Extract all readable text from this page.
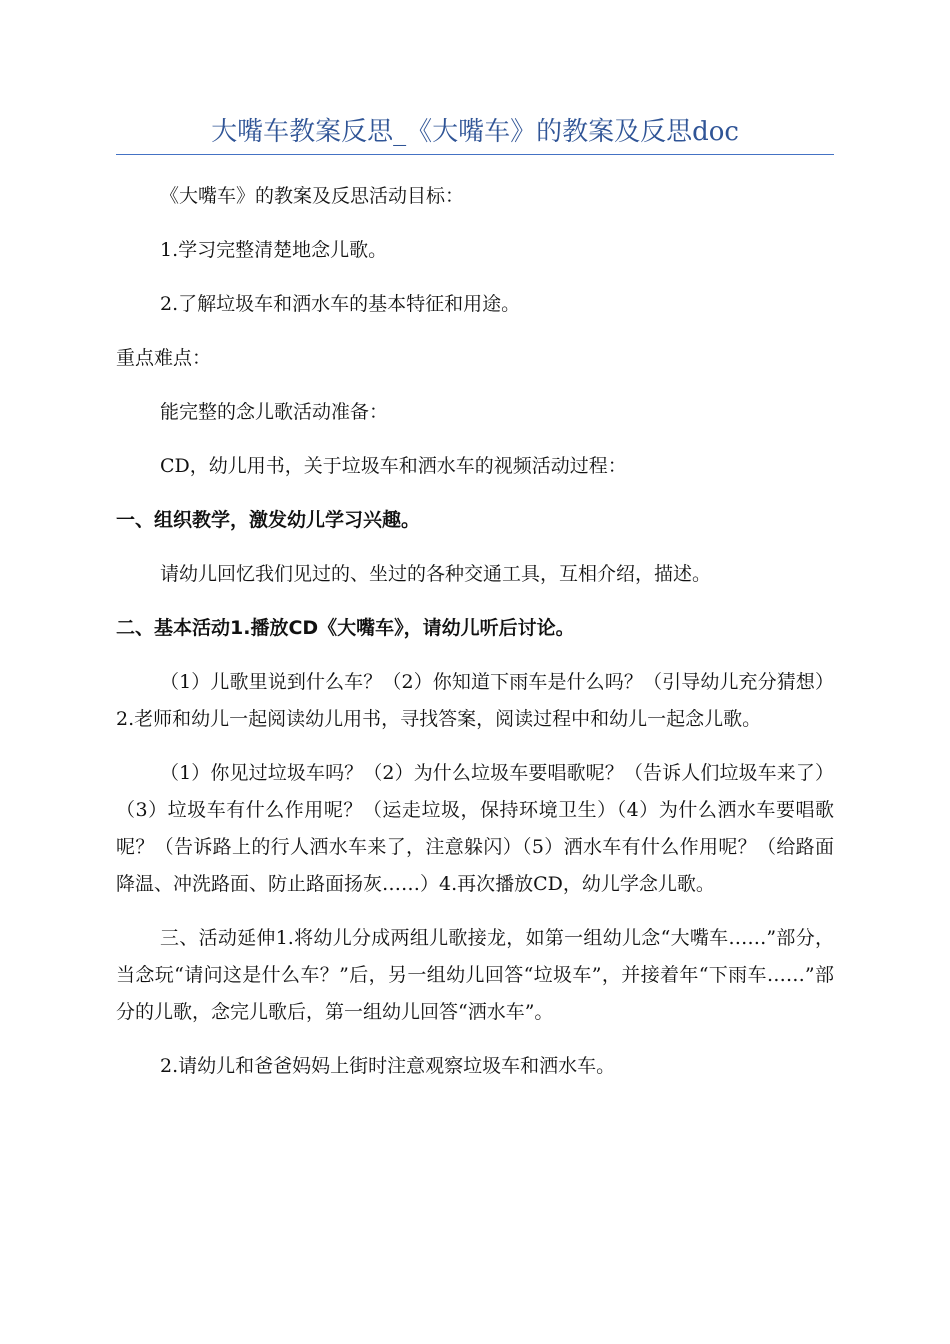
大嘴车教案反思_《大嘴车》的教案及反思doc

《大嘴车》的教案及反思活动目标：

1.学习完整清楚地念儿歌。

2.了解垃圾车和洒水车的基本特征和用途。

重点难点：

能完整的念儿歌活动准备：

CD，幼儿用书，关于垃圾车和洒水车的视频活动过程：

一、组织教学，激发幼儿学习兴趣。

请幼儿回忆我们见过的、坐过的各种交通工具，互相介绍，描述。

二、基本活动1.播放CD《大嘴车》，请幼儿听后讨论。

（1）儿歌里说到什么车？（2）你知道下雨车是什么吗？（引导幼儿充分猜想）2.老师和幼儿一起阅读幼儿用书，寻找答案，阅读过程中和幼儿一起念儿歌。

（1）你见过垃圾车吗？（2）为什么垃圾车要唱歌呢？（告诉人们垃圾车来了）（3）垃圾车有什么作用呢？（运走垃圾，保持环境卫生）（4）为什么洒水车要唱歌呢？（告诉路上的行人洒水车来了，注意躲闪）（5）洒水车有什么作用呢？（给路面降温、冲洗路面、防止路面扬灰……）4.再次播放CD，幼儿学念儿歌。

三、活动延伸1.将幼儿分成两组儿歌接龙，如第一组幼儿念“大嘴车……”部分，当念玩“请问这是什么车？”后，另一组幼儿回答“垃圾车”，并接着年“下雨车……”部分的儿歌，念完儿歌后，第一组幼儿回答“洒水车”。

2.请幼儿和爸爸妈妈上街时注意观察垃圾车和洒水车。
